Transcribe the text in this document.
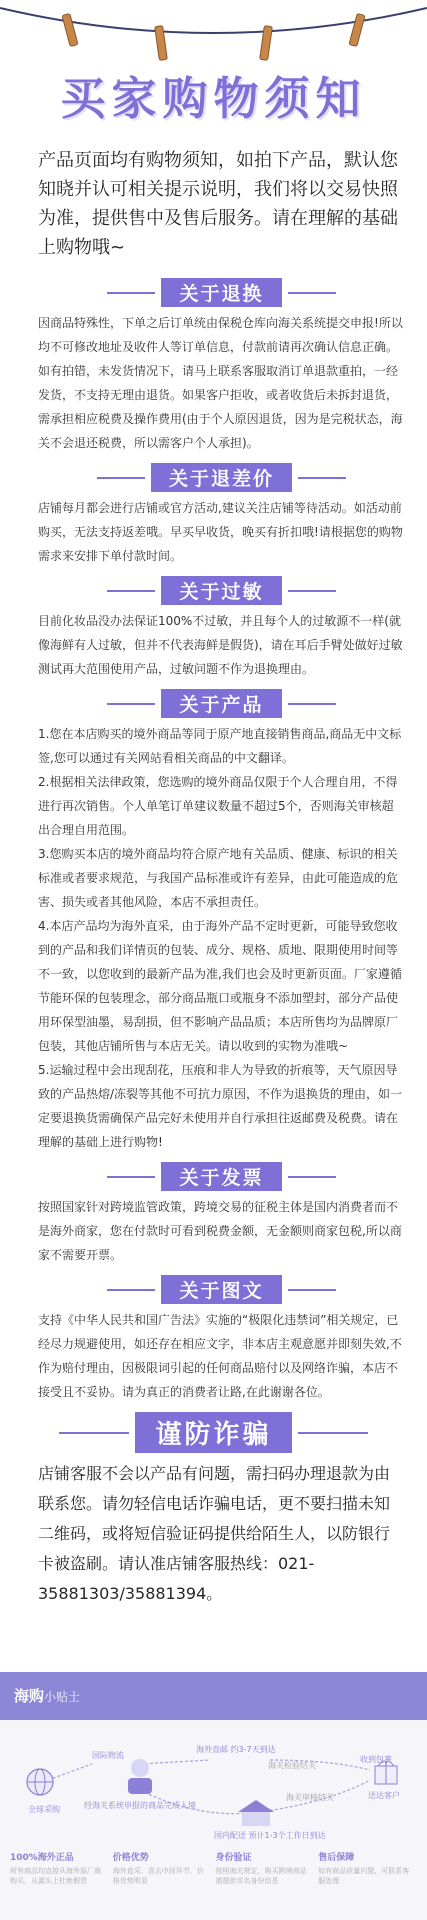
买家购物须知
产品页面均有购物须知，如拍下产品，默认您知晓并认可相关提示说明，我们将以交易快照为准，提供售中及售后服务。请在理解的基础上购物哦~
关于退换

因商品特殊性，下单之后订单统由保税仓库向海关系统提交申报!所以均不可修改地址及收件人等订单信息，付款前请再次确认信息正确。如有拍错，未发货情况下，请马上联系客服取消订单退款重拍，一经发货，不支持无理由退货。如果客户拒收，或者收货后未拆封退货，需承担相应税费及操作费用(由于个人原因退货，因为是完税状态，海关不会退还税费，所以需客户个人承担)。

关于退差价

店铺每月都会进行店铺或官方活动,建议关注店铺等待活动。如活动前购买，无法支持返差哦。早买早收货，晚买有折扣哦!请根据您的购物需求来安排下单付款时间。

关于过敏

目前化妆品没办法保证100%不过敏，并且每个人的过敏源不一样(就像海鲜有人过敏，但并不代表海鲜是假货)，请在耳后手臂处做好过敏测试再大范围使用产品，过敏问题不作为退换理由。

关于产品

1.您在本店购买的境外商品等同于原产地直接销售商品,商品无中文标签,您可以通过有关网站看相关商品的中文翻译。

2.根据相关法律政策，您选购的境外商品仅限于个人合理自用，不得进行再次销售。个人单笔订单建议数量不超过5个，否则海关审核超出合理自用范围。

3.您购买本店的境外商品均符合原产地有关品质、健康、标识的相关标准或者要求规范，与我国产品标准或许有差异，由此可能造成的危害、损失或者其他风险，本店不承担责任。

4.本店产品均为海外直采，由于海外产品不定时更新，可能导致您收到的产品和我们详情页的包装、成分、规格、质地、限期使用时间等不一致，以您收到的最新产品为准,我们也会及时更新页面。厂家遵循节能环保的包装理念，部分商品瓶口或瓶身不添加塑封，部分产品使用环保型油墨，易刮损，但不影响产品品质；本店所售均为品牌原厂包装，其他店铺所售与本店无关。请以收到的实物为准哦~

5.运输过程中会出现刮花，压痕和非人为导致的折痕等，天气原因导致的产品热熔/冻裂等其他不可抗力原因，不作为退换货的理由，如一定要退换货需确保产品完好未使用并自行承担往返邮费及税费。请在理解的基础上进行购物!

关于发票

按照国家针对跨境监管政策，跨境交易的征税主体是国内消费者而不是海外商家，您在付款时可看到税费金额，无金额则商家包税,所以商家不需要开票。

关于图文

支持《中华人民共和国广告法》实施的“极限化违禁词”相关规定，已经尽力规避使用，如还存在相应文字，非本店主观意愿并即刻失效,不作为赔付理由，因极限词引起的任何商品赔付以及网络诈骗，本店不接受且不妥协。请为真正的消费者让路,在此谢谢各位。

谨防诈骗
店铺客服不会以产品有问题，需扫码办理退款为由联系您。请勿轻信电话诈骗电话，更不要扫描未知二维码，或将短信验证码提供给陌生人，以防银行卡被盗刷。请认准店铺客服热线：021-35881303/35881394。
海购小贴士
全球采购
国际物流
经海关系统申报的商品完成入境
海外直邮 约3-7天到达
海关检验结关
国内配送 预计1-3个工作日到达
海关审核结关	送达客户
收到包裹
100%海外正品
所有商品均直接从海外原厂商购买，从源头上杜绝假货
价格优势
海外直采，省去中间环节，价格优势明显
身份验证
按照海关规定，购买跨境商品需提供实名身份信息
售后保障
如有商品质量问题，可联系客服处理
